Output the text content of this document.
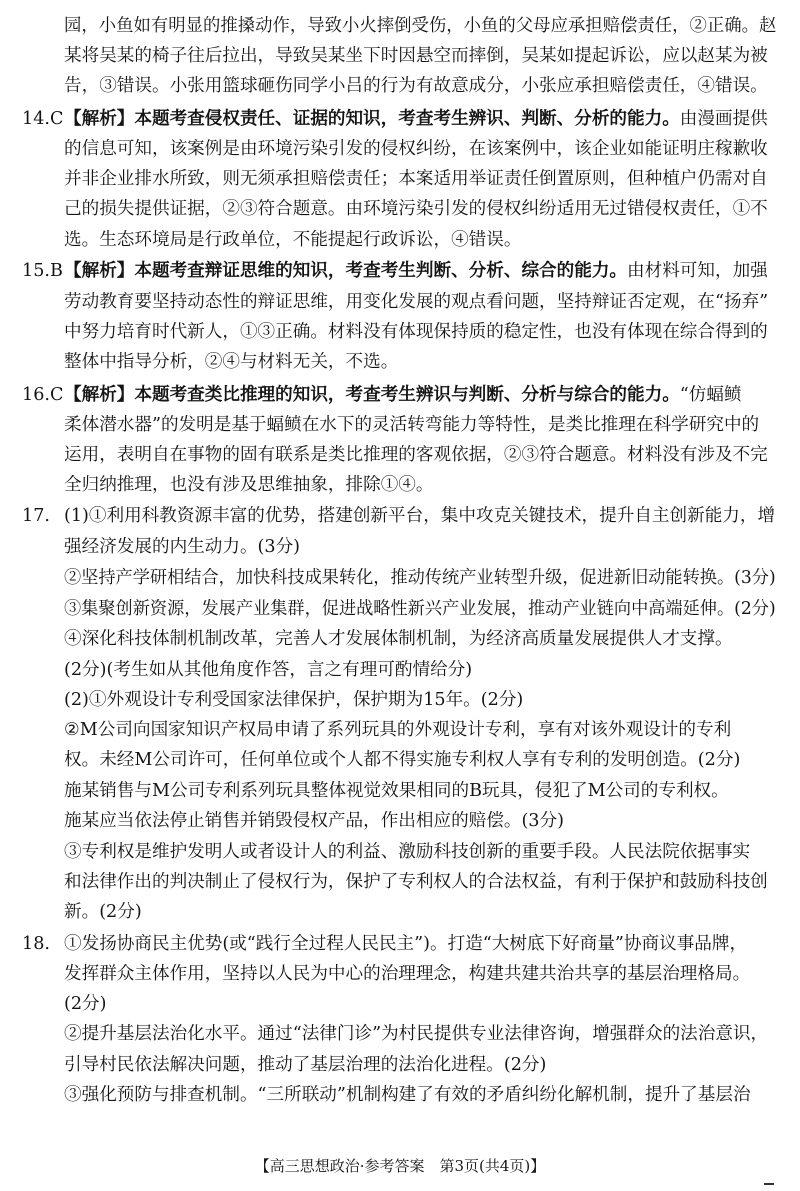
园，小鱼如有明显的推搡动作，导致小火摔倒受伤，小鱼的父母应承担赔偿责任，②正确。赵
某将吴某的椅子往后拉出，导致吴某坐下时因悬空而摔倒，吴某如提起诉讼，应以赵某为被
告，③错误。小张用篮球砸伤同学小吕的行为有故意成分，小张应承担赔偿责任，④错误。
14.C【解析】本题考查侵权责任、证据的知识，考查考生辨识、判断、分析的能力。由漫画提供
的信息可知，该案例是由环境污染引发的侵权纠纷，在该案例中，该企业如能证明庄稼歉收
并非企业排水所致，则无须承担赔偿责任；本案适用举证责任倒置原则，但种植户仍需对自
己的损失提供证据，②③符合题意。由环境污染引发的侵权纠纷适用无过错侵权责任，①不
选。生态环境局是行政单位，不能提起行政诉讼，④错误。
15.B【解析】本题考查辩证思维的知识，考查考生判断、分析、综合的能力。由材料可知，加强
劳动教育要坚持动态性的辩证思维，用变化发展的观点看问题，坚持辩证否定观，在“扬弃”
中努力培育时代新人，①③正确。材料没有体现保持质的稳定性，也没有体现在综合得到的
整体中指导分析，②④与材料无关，不选。
16.C【解析】本题考查类比推理的知识，考查考生辨识与判断、分析与综合的能力。“仿蝠鲼
柔体潜水器”的发明是基于蝠鲼在水下的灵活转弯能力等特性，是类比推理在科学研究中的
运用，表明自在事物的固有联系是类比推理的客观依据，②③符合题意。材料没有涉及不完
全归纳推理，也没有涉及思维抽象，排除①④。
17. (1)①利用科教资源丰富的优势，搭建创新平台，集中攻克关键技术，提升自主创新能力，增
强经济发展的内生动力。(3分)
②坚持产学研相结合，加快科技成果转化，推动传统产业转型升级，促进新旧动能转换。(3分)
③集聚创新资源，发展产业集群，促进战略性新兴产业发展，推动产业链向中高端延伸。(2分)
④深化科技体制机制改革，完善人才发展体制机制，为经济高质量发展提供人才支撑。
(2分)(考生如从其他角度作答，言之有理可酌情给分)
(2)①外观设计专利受国家法律保护，保护期为15年。(2分)
②M公司向国家知识产权局申请了系列玩具的外观设计专利，享有对该外观设计的专利
权。未经M公司许可，任何单位或个人都不得实施专利权人享有专利的发明创造。(2分)
施某销售与M公司专利系列玩具整体视觉效果相同的B玩具，侵犯了M公司的专利权。
施某应当依法停止销售并销毁侵权产品，作出相应的赔偿。(3分)
③专利权是维护发明人或者设计人的利益、激励科技创新的重要手段。人民法院依据事实
和法律作出的判决制止了侵权行为，保护了专利权人的合法权益，有利于保护和鼓励科技创
新。(2分)
18. ①发扬协商民主优势(或“践行全过程人民民主”)。打造“大树底下好商量”协商议事品牌，
发挥群众主体作用，坚持以人民为中心的治理理念，构建共建共治共享的基层治理格局。
(2分)
②提升基层法治化水平。通过“法律门诊”为村民提供专业法律咨询，增强群众的法治意识，
引导村民依法解决问题，推动了基层治理的法治化进程。(2分)
③强化预防与排查机制。“三所联动”机制构建了有效的矛盾纠纷化解机制，提升了基层治
【高三思想政治·参考答案　第3页(共4页)】
